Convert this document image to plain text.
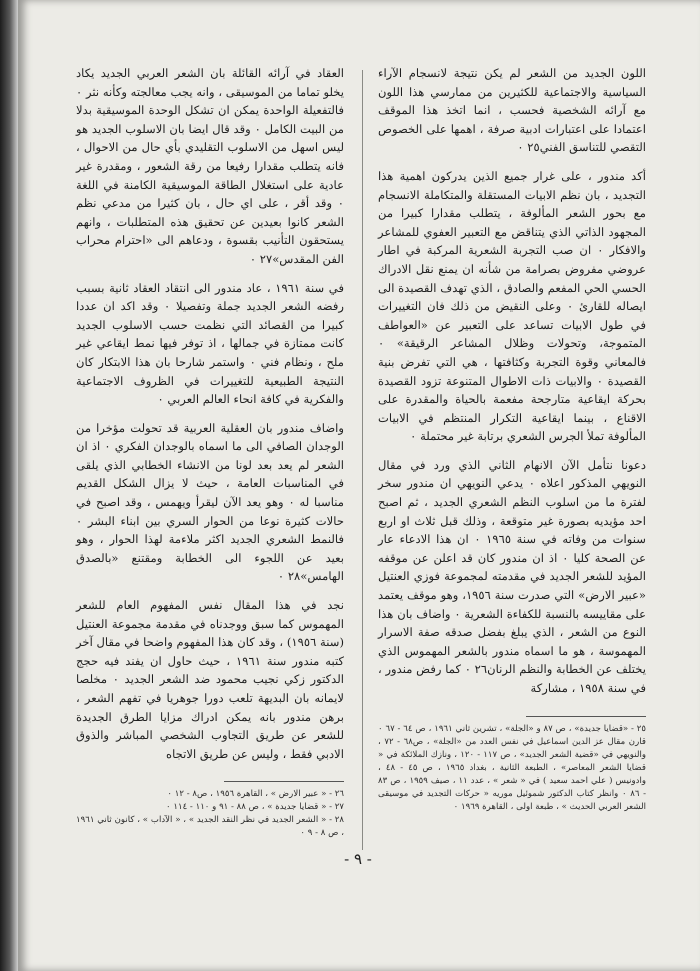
اللون الجديد من الشعر لم يكن نتيجة لانسجام الآراء السياسية والاجتماعية للكثيرين من ممارسي هذا اللون مع آرائه الشخصية فحسب ، انما اتخذ هذا الموقف اعتمادا على اعتبارات ادبية صرفة ، اهمها على الخصوص التقصي للتناسق الفني٢٥ ٠

أكد مندور ، على غرار جميع الذين يدركون اهمية هذا التجديد ، بان نظم الابيات المستقلة والمتكاملة الانسجام مع بحور الشعر المألوفة ، يتطلب مقدارا كبيرا من المجهود الذاتي الذي يتناقض مع التعبير العفوي للمشاعر والافكار ٠ ان صب التجربة الشعرية المركبة في اطار عروضي مفروض بصرامة من شأنه ان يمنع نقل الادراك الحسي الحي المفعم والصادق ، الذي تهدف القصيدة الى ايصاله للقارئ ٠ وعلى النقيض من ذلك فان التغييرات في طول الابيات تساعد على التعبير عن «العواطف المتموجة، وتحولات وظلال المشاعر الرقيقة» ٠ فالمعاني وقوة التجربة وكثافتها ، هي التي تفرض بنية القصيدة ٠ والابيات ذات الاطوال المتنوعة تزود القصيدة بحركة ايقاعية متارجحة مفعمة بالحياة والمقدرة على الاقناع ، بينما ايقاعية التكرار المنتظم في الابيات المألوفة تملأ الجرس الشعري برتابة غير محتملة ٠

دعونا نتأمل الآن الانهام الثاني الذي ورد في مقال النويهي المذكور اعلاه ٠ يدعي النويهي ان مندور سخر لفترة ما من اسلوب النظم الشعري الجديد ، ثم اصبح احد مؤيديه بصورة غير متوقعة ، وذلك قبل ثلاث او اربع سنوات من وفاته في سنة ١٩٦٥ ٠ ان هذا الادعاء عار عن الصحة كليا ٠ اذ ان مندور كان قد اعلن عن موقفه المؤيد للشعر الجديد في مقدمته لمجموعة فوزي العنتيل «عبير الارض» التي صدرت سنة ١٩٥٦، وهو موقف يعتمد على مقاييسه بالنسبة للكفاءة الشعرية ٠ واضاف بان هذا النوع من الشعر ، الذي يبلغ بفضل صدقه صفة الاسرار المهموسة ، هو ما اسماه مندور بالشعر المهموس الذي يختلف عن الخطابة والنظم الرنان٢٦ ٠ كما رفض مندور ، في سنة ١٩٥٨ ، مشاركة

٢٥ - «قضايا جديدة» ، ص ٨٧ و «الجلة» ، تشرين ثاني ١٩٦١ ، ص ٦٤ - ٦٧ ٠ قارن مقال عز الدين اسماعيل في نفس العدد من «الجلة» ، ص٦٨ - ٧٢ ، والنويهي في «قضية الشعر الجديد» ، ص ١١٧ - ١٢٠ ، ونازك الملائكة في « قضايا الشعر المعاصر» ، الطبعة الثانية ، بغداد ١٩٦٥ ، ص ٤٥ - ٤٨ ، وادونيس ( علي احمد سعيد ) في « شعر » ، عدد ١١ ، صيف ١٩٥٩ ، ص ٨٣ - ٨٦ ٠ وانظر كتاب الدكتور شموئيل موريه « حركات التجديد في موسيقى الشعر العربي الحديث » ، طبعة اولى ، القاهرة ١٩٦٩ ٠

العقاد في آرائه القائلة بان الشعر العربي الجديد يكاد يخلو تماما من الموسيقى ، وانه يجب معالجته وكأنه نثر ٠ فالتفعيلة الواحدة يمكن ان تشكل الوحدة الموسيقية بدلا من البيت الكامل ٠ وقد قال ايضا بان الاسلوب الجديد هو ليس اسهل من الاسلوب التقليدي بأي حال من الاحوال ، فانه يتطلب مقدارا رفيعا من رقة الشعور ، ومقدرة غير عادية على استغلال الطاقة الموسيقية الكامنة في اللغة ٠ وقد أقر ، على اي حال ، بان كثيرا من مدعي نظم الشعر كانوا بعيدين عن تحقيق هذه المتطلبات ، وانهم يستحقون التأنيب بقسوة ، ودعاهم الى «احترام محراب الفن المقدس»٢٧ ٠

في سنة ١٩٦١ ، عاد مندور الى انتقاد العقاد ثانية بسبب رفضه الشعر الجديد جملة وتفصيلا ٠ وقد اكد ان عددا كبيرا من القصائد التي نظمت حسب الاسلوب الجديد كانت ممتازة في جمالها ، اذ توفر فيها نمط ايقاعي غير ملح ، ونظام فني ٠ واستمر شارحا بان هذا الابتكار كان النتيجة الطبيعية للتغييرات في الظروف الاجتماعية والفكرية في كافة انحاء العالم العربي ٠

واضاف مندور بان العقلية العربية قد تحولت مؤخرا من الوجدان الصافي الى ما اسماه بالوجدان الفكري ٠ اذ ان الشعر لم يعد بعد لونا من الانشاء الخطابي الذي يلقى في المناسبات العامة ، حيث لا يزال الشكل القديم مناسبا له ٠ وهو يعد الآن ليقرأ ويهمس ، وقد اصبح في حالات كثيرة نوعا من الحوار السري بين ابناء البشر ٠ فالنمط الشعري الجديد اكثر ملاءمة لهذا الحوار ، وهو بعيد عن اللجوء الى الخطابة ومقتنع «بالصدق الهامس»٢٨ ٠

نجد في هذا المقال نفس المفهوم العام للشعر المهموس كما سبق ووجدناه في مقدمة مجموعة العنتيل (سنة ١٩٥٦) ، وقد كان هذا المفهوم واضحا في مقال آخر كتبه مندور سنة ١٩٦١ ، حيث حاول ان يفند فيه حجج الدكتور زكي نجيب محمود ضد الشعر الجديد ٠ مخلصا لايمانه بان البديهة تلعب دورا جوهريا في تفهم الشعر ، برهن مندور بانه يمكن ادراك مزايا الطرق الجديدة للشعر عن طريق التجاوب الشخصي المباشر والذوق الادبي فقط ، وليس عن طريق الاتجاه

٢٦ - « عبير الارض » ، القاهرة ١٩٥٦ ، ص٨ - ١٢ ٠

٢٧ - « قضايا جديدة » ، ص ٨٨ - ٩١ و ١١٠ - ١١٤ ٠

٢٨ - « الشعر الجديد في نظر النقد الجديد » ، « الآداب » ، كانون ثاني ١٩٦١ ، ص ٨ - ٩ ٠

- ٩ -
